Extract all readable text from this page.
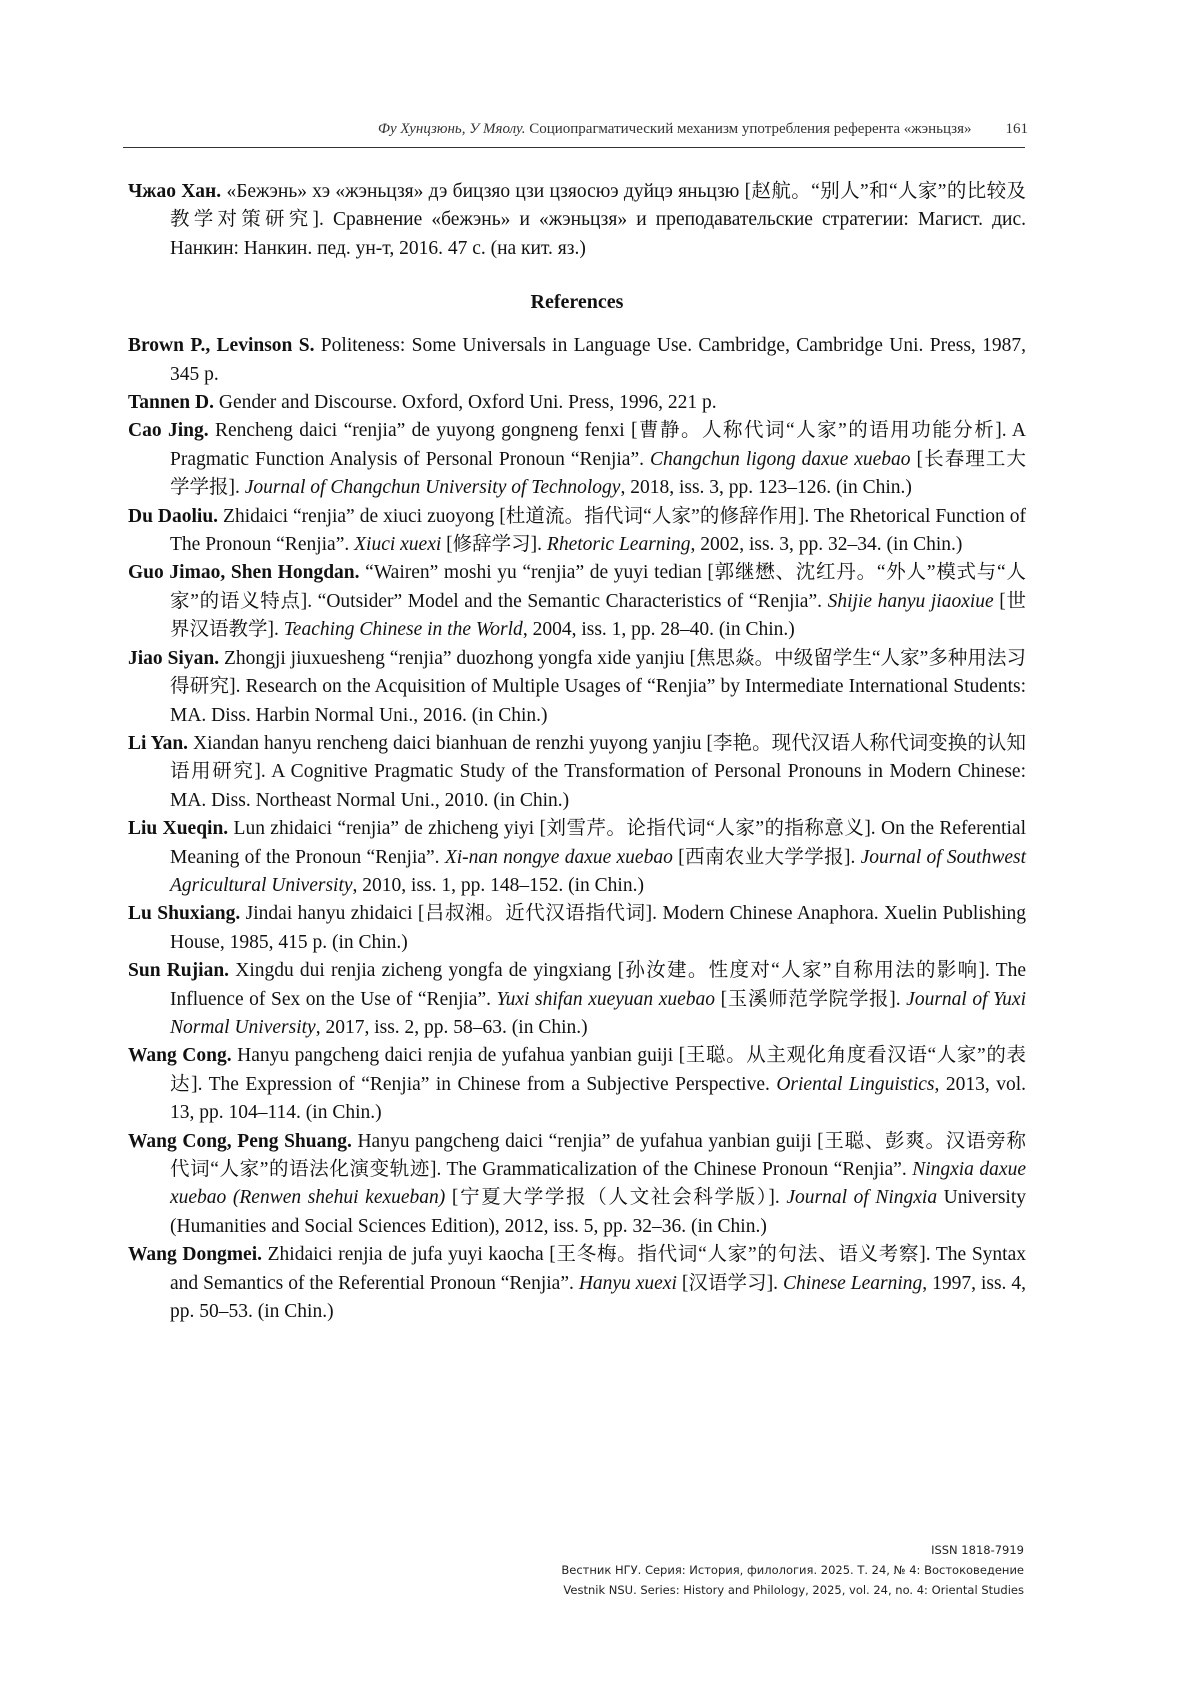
Фу Хунцзюнь, У Мяолу. Социопрагматический механизм употребления референта «жэньцзя» 161

Чжао Хан. «Бежэнь» хэ «жэньцзя» дэ бицзяо цзи цзяосюэ дуйцэ яньцзю [赵航。“别人”和“人家”的比较及教学对策研究]. Сравнение «бежэнь» и «жэньцзя» и преподавательские стратегии: Магист. дис. Нанкин: Нанкин. пед. ун-т, 2016. 47 с. (на кит. яз.)

References

Brown P., Levinson S. Politeness: Some Universals in Language Use. Cambridge, Cambridge Uni. Press, 1987, 345 p.

Tannen D. Gender and Discourse. Oxford, Oxford Uni. Press, 1996, 221 p.

Cao Jing. Rencheng daici “renjia” de yuyong gongneng fenxi [曹静。人称代词“人家”的语用功能分析]. A Pragmatic Function Analysis of Personal Pronoun “Renjia”. Changchun ligong daxue xuebao [长春理工大学学报]. Journal of Changchun University of Technology, 2018, iss. 3, pp. 123–126. (in Chin.)

Du Daoliu. Zhidaici “renjia” de xiuci zuoyong [杜道流。指代词“人家”的修辞作用]. The Rhetorical Function of The Pronoun “Renjia”. Xiuci xuexi [修辞学习]. Rhetoric Learning, 2002, iss. 3, pp. 32–34. (in Chin.)

Guo Jimao, Shen Hongdan. “Wairen” moshi yu “renjia” de yuyi tedian [郭继懋、沈红丹。“外人”模式与“人家”的语义特点]. “Outsider” Model and the Semantic Characteristics of “Renjia”. Shijie hanyu jiaoxiue [世界汉语教学]. Teaching Chinese in the World, 2004, iss. 1, pp. 28–40. (in Chin.)

Jiao Siyan. Zhongji jiuxuesheng “renjia” duozhong yongfa xide yanjiu [焦思焱。中级留学生“人家”多种用法习得研究]. Research on the Acquisition of Multiple Usages of “Renjia” by Intermediate International Students: MA. Diss. Harbin Normal Uni., 2016. (in Chin.)

Li Yan. Xiandan hanyu rencheng daici bianhuan de renzhi yuyong yanjiu [李艳。现代汉语人称代词变换的认知语用研究]. A Cognitive Pragmatic Study of the Transformation of Personal Pronouns in Modern Chinese: MA. Diss. Northeast Normal Uni., 2010. (in Chin.)

Liu Xueqin. Lun zhidaici “renjia” de zhicheng yiyi [刘雪芹。论指代词“人家”的指称意义]. On the Referential Meaning of the Pronoun “Renjia”. Xi-nan nongye daxue xuebao [西南农业大学学报]. Journal of Southwest Agricultural University, 2010, iss. 1, pp. 148–152. (in Chin.)

Lu Shuxiang. Jindai hanyu zhidaici [吕叔湘。近代汉语指代词]. Modern Chinese Anaphora. Xuelin Publishing House, 1985, 415 p. (in Chin.)

Sun Rujian. Xingdu dui renjia zicheng yongfa de yingxiang [孙汝建。性度对“人家”自称用法的影响]. The Influence of Sex on the Use of “Renjia”. Yuxi shifan xueyuan xuebao [玉溪师范学院学报]. Journal of Yuxi Normal University, 2017, iss. 2, pp. 58–63. (in Chin.)

Wang Cong. Hanyu pangcheng daici renjia de yufahua yanbian guiji [王聪。从主观化角度看汉语“人家”的表达]. The Expression of “Renjia” in Chinese from a Subjective Perspective. Oriental Linguistics, 2013, vol. 13, pp. 104–114. (in Chin.)

Wang Cong, Peng Shuang. Hanyu pangcheng daici “renjia” de yufahua yanbian guiji [王聪、彭爽。汉语旁称代词“人家”的语法化演变轨迹]. The Grammaticalization of the Chinese Pronoun “Renjia”. Ningxia daxue xuebao (Renwen shehui kexueban) [宁夏大学学报（人文社会科学版）]. Journal of Ningxia University (Humanities and Social Sciences Edition), 2012, iss. 5, pp. 32–36. (in Chin.)

Wang Dongmei. Zhidaici renjia de jufa yuyi kaocha [王冬梅。指代词“人家”的句法、语义考察]. The Syntax and Semantics of the Referential Pronoun “Renjia”. Hanyu xuexi [汉语学习]. Chinese Learning, 1997, iss. 4, pp. 50–53. (in Chin.)

ISSN 1818-7919
Вестник НГУ. Серия: История, филология. 2025. Т. 24, № 4: Востоковедение
Vestnik NSU. Series: History and Philology, 2025, vol. 24, no. 4: Oriental Studies
